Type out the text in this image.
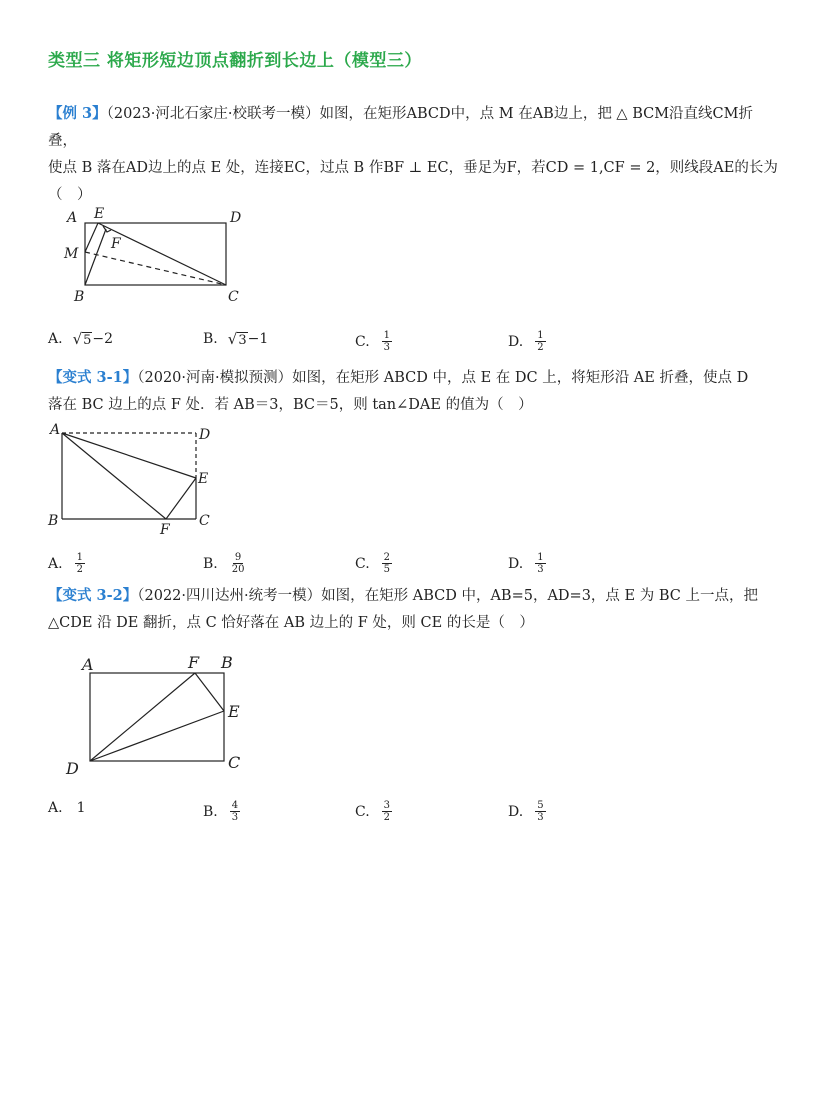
类型三 将矩形短边顶点翻折到长边上（模型三）
【例 3】（2023·河北石家庄·校联考一模）如图，在矩形ABCD中，点 M 在AB边上，把 △ BCM沿直线CM折叠，
使点 B 落在AD边上的点 E 处，连接EC，过点 B 作BF ⊥ EC，垂足为F，若CD = 1,CF = 2，则线段AE的长为
（　）
A E	D
M
F
B	C
A	D
E
B
F
C
A	F B
E
D	C
A. √ 5 −2	B. √ 3 −1	C. $\frac{1}{3}$	D. $\frac{1}{2}$
【变式 3-1】（2020·河南·模拟预测）如图，在矩形 ABCD 中，点 E 在 DC 上，将矩形沿 AE 折叠，使点 D
落在 BC 边上的点 F 处．若 AB＝3，BC＝5，则 tan∠DAE 的值为（　）
A. $\frac{1}{2}$	B. $\frac{9}{20}$	C. $\frac{2}{5}$	D. $\frac{1}{3}$
【变式 3-2】（2022·四川达州·统考一模）如图，在矩形 ABCD 中，AB=5，AD=3，点 E 为 BC 上一点，把
△CDE 沿 DE 翻折，点 C 恰好落在 AB 边上的 F 处，则 CE 的长是（　）
A. 1	B. $\frac{4}{3}$	C. $\frac{3}{2}$	D. $\frac{5}{3}$
